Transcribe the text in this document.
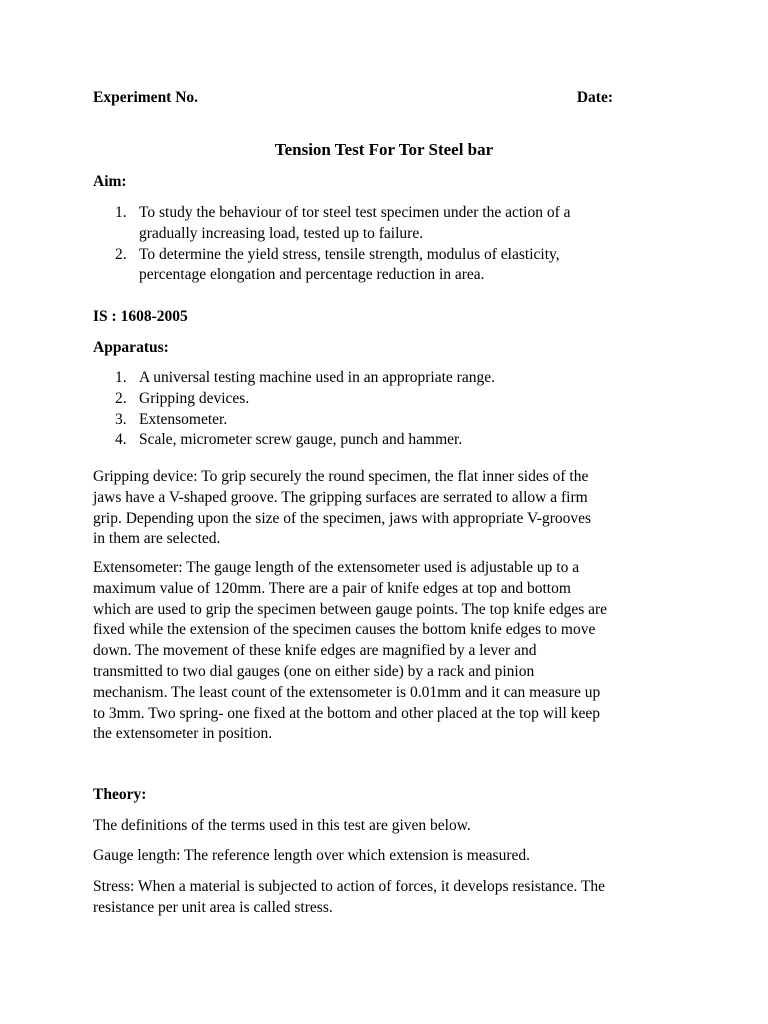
Experiment No.	Date:
Tension Test For Tor Steel bar
Aim:
1. To study the behaviour of tor steel test specimen under the action of a
gradually increasing load, tested up to failure.
2. To determine the yield stress, tensile strength, modulus of elasticity,
percentage elongation and percentage reduction in area.
IS : 1608-2005
Apparatus:
1. A universal testing machine used in an appropriate range.
2. Gripping devices.
3. Extensometer.
4. Scale, micrometer screw gauge, punch and hammer.
Gripping device: To grip securely the round specimen, the flat inner sides of the
jaws have a V-shaped groove. The gripping surfaces are serrated to allow a firm
grip. Depending upon the size of the specimen, jaws with appropriate V-grooves
in them are selected.
Extensometer: The gauge length of the extensometer used is adjustable up to a
maximum value of 120mm. There are a pair of knife edges at top and bottom
which are used to grip the specimen between gauge points. The top knife edges are
fixed while the extension of the specimen causes the bottom knife edges to move
down. The movement of these knife edges are magnified by a lever and
transmitted to two dial gauges (one on either side) by a rack and pinion
mechanism. The least count of the extensometer is 0.01mm and it can measure up
to 3mm. Two spring- one fixed at the bottom and other placed at the top will keep
the extensometer in position.
Theory:
The definitions of the terms used in this test are given below.
Gauge length: The reference length over which extension is measured.
Stress: When a material is subjected to action of forces, it develops resistance. The
resistance per unit area is called stress.
